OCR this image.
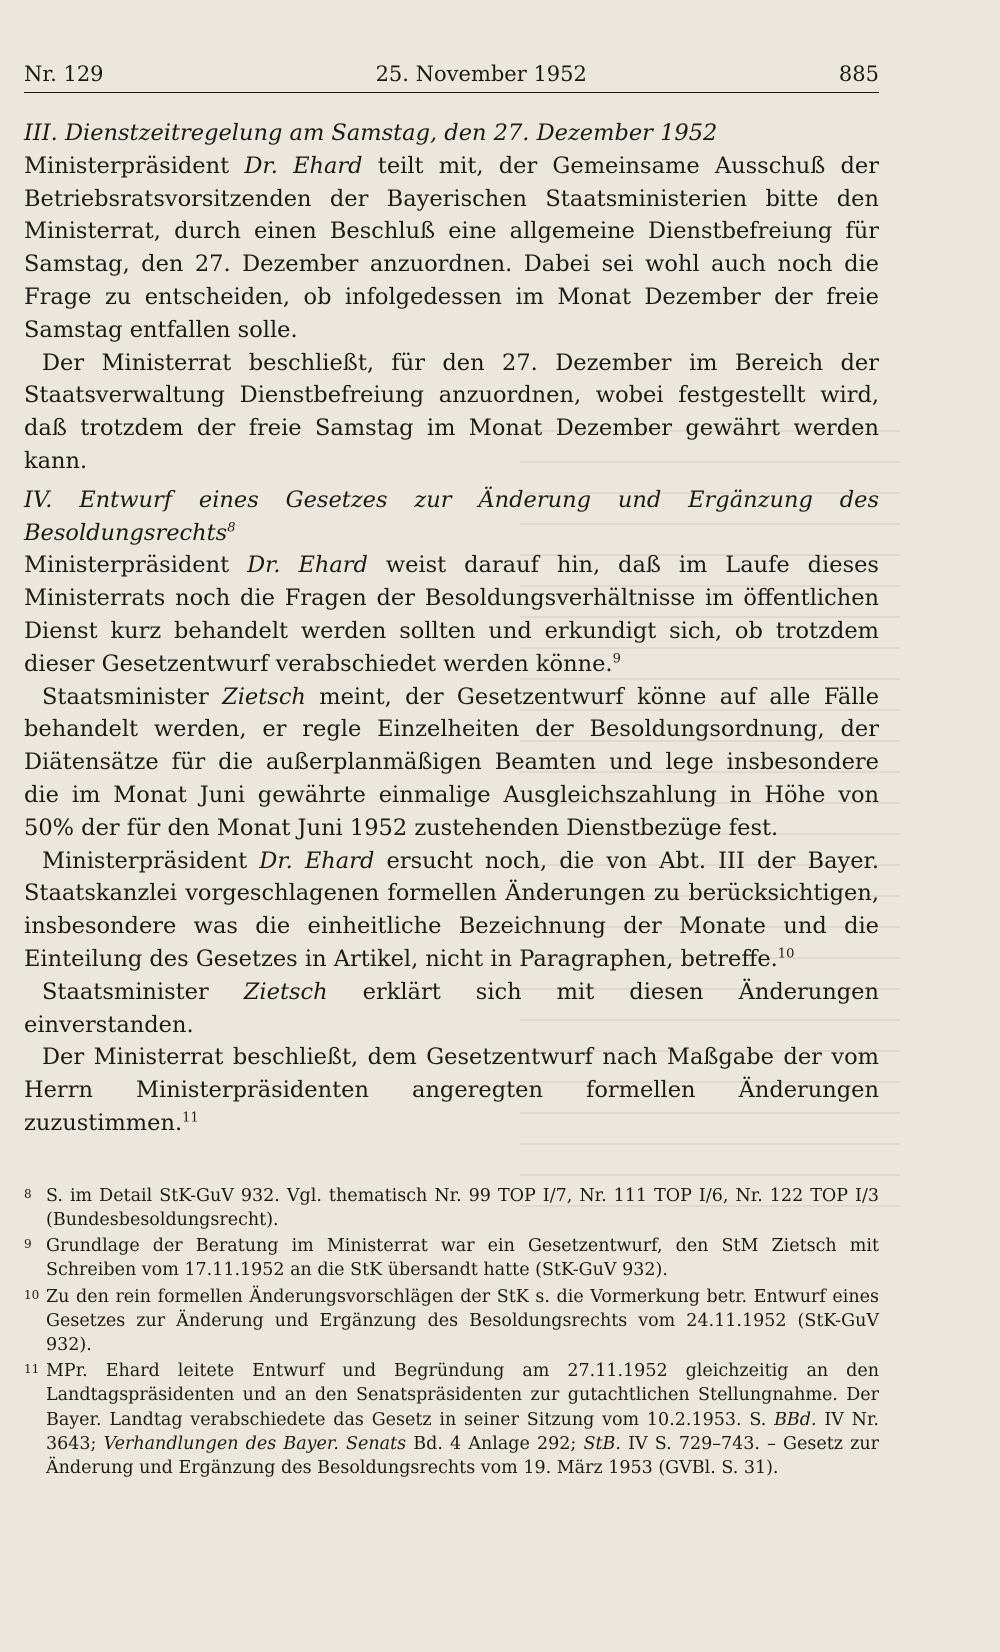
Nr. 129	25. November 1952	885

III. Dienstzeitregelung am Samstag, den 27. Dezember 1952

Ministerpräsident Dr. Ehard teilt mit, der Gemeinsame Ausschuß der Betriebsratsvorsitzenden der Bayerischen Staatsministerien bitte den Ministerrat, durch einen Beschluß eine allgemeine Dienstbefreiung für Samstag, den 27. Dezember anzuordnen. Dabei sei wohl auch noch die Frage zu entscheiden, ob infolgedessen im Monat Dezember der freie Samstag entfallen solle.

Der Ministerrat beschließt, für den 27. Dezember im Bereich der Staatsverwaltung Dienstbefreiung anzuordnen, wobei festgestellt wird, daß trotzdem der freie Samstag im Monat Dezember gewährt werden kann.

IV. Entwurf eines Gesetzes zur Änderung und Ergänzung des Besoldungsrechts$^8$

Ministerpräsident Dr. Ehard weist darauf hin, daß im Laufe dieses Ministerrats noch die Fragen der Besoldungsverhältnisse im öffentlichen Dienst kurz behandelt werden sollten und erkundigt sich, ob trotzdem dieser Gesetzentwurf verabschiedet werden könne.$^9$

Staatsminister Zietsch meint, der Gesetzentwurf könne auf alle Fälle behandelt werden, er regle Einzelheiten der Besoldungsordnung, der Diätensätze für die außerplanmäßigen Beamten und lege insbesondere die im Monat Juni gewährte einmalige Ausgleichszahlung in Höhe von 50% der für den Monat Juni 1952 zustehenden Dienstbezüge fest.

Ministerpräsident Dr. Ehard ersucht noch, die von Abt. III der Bayer. Staatskanzlei vorgeschlagenen formellen Änderungen zu berücksichtigen, insbesondere was die einheitliche Bezeichnung der Monate und die Einteilung des Gesetzes in Artikel, nicht in Paragraphen, betreffe.$^{10}$

Staatsminister Zietsch erklärt sich mit diesen Änderungen einverstanden.

Der Ministerrat beschließt, dem Gesetzentwurf nach Maßgabe der vom Herrn Ministerpräsidenten angeregten formellen Änderungen zuzustimmen.$^{11}$

8 S. im Detail StK-GuV 932. Vgl. thematisch Nr. 99 TOP I/7, Nr. 111 TOP I/6, Nr. 122 TOP I/3 (Bundesbesoldungsrecht).
9 Grundlage der Beratung im Ministerrat war ein Gesetzentwurf, den StM Zietsch mit Schreiben vom 17.11.1952 an die StK übersandt hatte (StK-GuV 932).
10 Zu den rein formellen Änderungsvorschlägen der StK s. die Vormerkung betr. Entwurf eines Gesetzes zur Änderung und Ergänzung des Besoldungsrechts vom 24.11.1952 (StK-GuV 932).
11 MPr. Ehard leitete Entwurf und Begründung am 27.11.1952 gleichzeitig an den Landtagspräsidenten und an den Senatspräsidenten zur gutachtlichen Stellungnahme. Der Bayer. Landtag verabschiedete das Gesetz in seiner Sitzung vom 10.2.1953. S. BBd. IV Nr. 3643; Verhandlungen des Bayer. Senats Bd. 4 Anlage 292; StB. IV S. 729–743. – Gesetz zur Änderung und Ergänzung des Besoldungsrechts vom 19. März 1953 (GVBl. S. 31).
